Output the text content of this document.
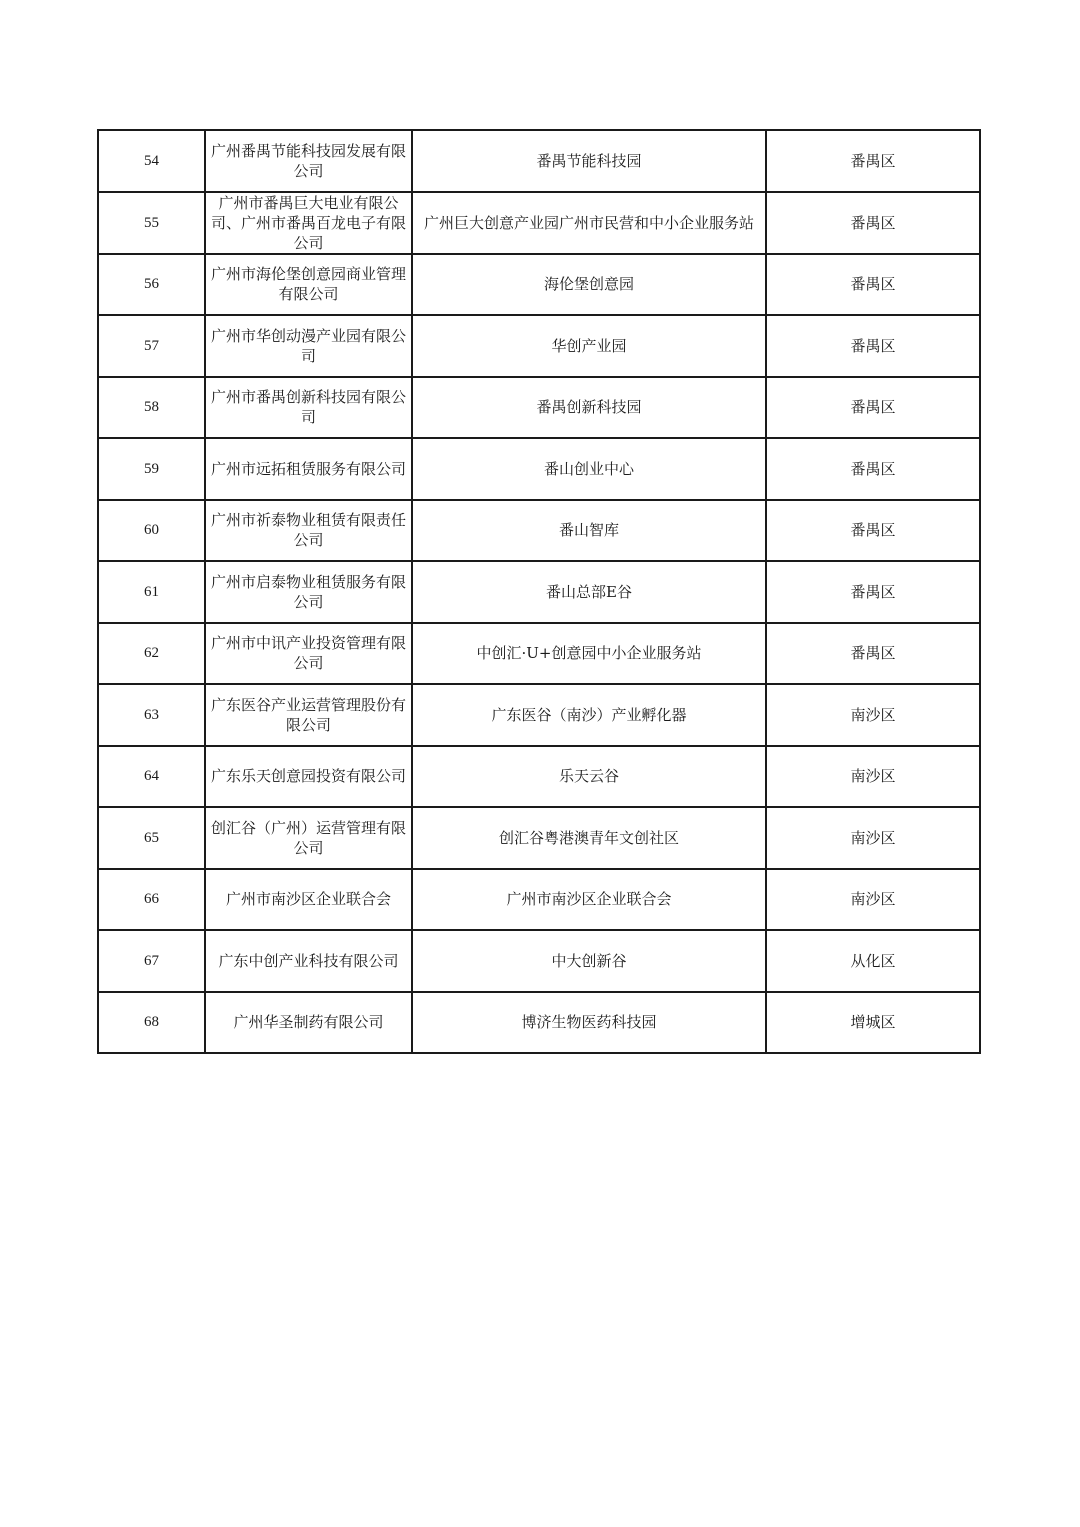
54	广州番禺节能科技园发展有限公司	番禺节能科技园	番禺区
55	广州市番禺巨大电业有限公司、广州市番禺百龙电子有限公司	广州巨大创意产业园广州市民营和中小企业服务站	番禺区
56	广州市海伦堡创意园商业管理有限公司	海伦堡创意园	番禺区
57	广州市华创动漫产业园有限公司	华创产业园	番禺区
58	广州市番禺创新科技园有限公司	番禺创新科技园	番禺区
59	广州市远拓租赁服务有限公司	番山创业中心	番禺区
60	广州市祈泰物业租赁有限责任公司	番山智库	番禺区
61	广州市启泰物业租赁服务有限公司	番山总部E谷	番禺区
62	广州市中讯产业投资管理有限公司	中创汇·U+创意园中小企业服务站	番禺区
63	广东医谷产业运营管理股份有限公司	广东医谷（南沙）产业孵化器	南沙区
64	广东乐天创意园投资有限公司	乐天云谷	南沙区
65	创汇谷（广州）运营管理有限公司	创汇谷粤港澳青年文创社区	南沙区
66	广州市南沙区企业联合会	广州市南沙区企业联合会	南沙区
67	广东中创产业科技有限公司	中大创新谷	从化区
68	广州华圣制药有限公司	博济生物医药科技园	增城区
